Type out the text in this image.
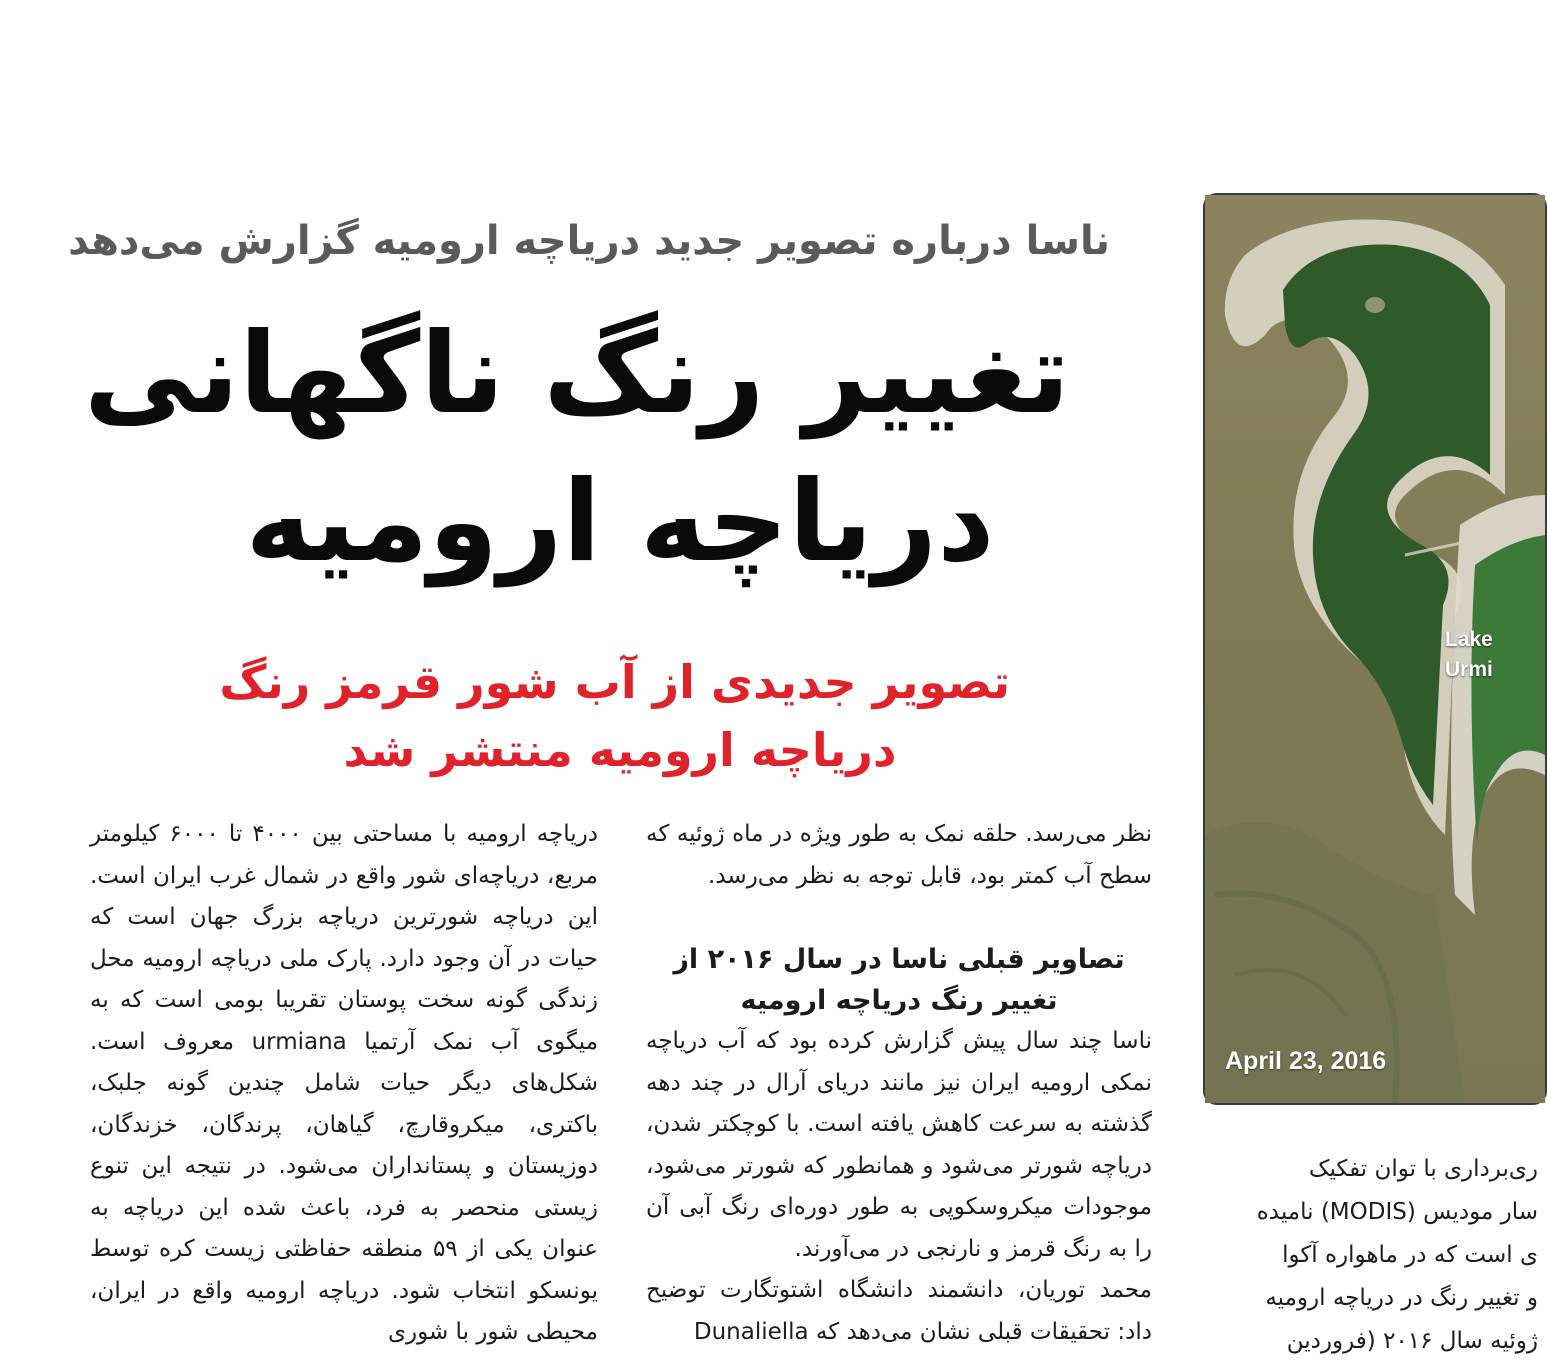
ناسا درباره تصویر جدید دریاچه ارومیه گزارش می‌دهد
تغییر رنگ ناگهانی
دریاچه ارومیه
تصویر جدیدی از آب شور قرمز رنگ
دریاچه ارومیه منتشر شد

دریاچه ارومیه با مساحتی بین ۴۰۰۰ تا ۶۰۰۰ کیلومتر مربع، دریاچه‌ای شور واقع در شمال غرب ایران است. این دریاچه شورترین دریاچه بزرگ جهان است که حیات در آن وجود دارد. پارک ملی دریاچه ارومیه محل زندگی گونه سخت پوستان تقریبا بومی است که به میگوی آب نمک آرتمیا urmiana معروف است. شکل‌های دیگر حیات شامل چندین گونه جلبک، باکتری، میکروقارچ، گیاهان، پرندگان، خزندگان، دوزیستان و پستانداران می‌شود. در نتیجه این تنوع زیستی منحصر به فرد، باعث شده این دریاچه به عنوان یکی از ۵۹ منطقه حفاظتی زیست کره توسط یونسکو انتخاب شود. دریاچه ارومیه واقع در ایران، محیطی شور با شوری

نظر می‌رسد. حلقه نمک به طور ویژه در ماه ژوئیه که سطح آب کمتر بود، قابل توجه به نظر می‌رسد.

تصاویر قبلی ناسا در سال ۲۰۱۶ از تغییر رنگ دریاچه ارومیه

ناسا چند سال پیش گزارش کرده بود که آب دریاچه نمکی ارومیه ایران نیز مانند دریای آرال در چند دهه گذشته به سرعت کاهش یافته است. با کوچکتر شدن، دریاچه شورتر می‌شود و همانطور که شورتر می‌شود، موجودات میکروسکوپی به طور دوره‌ای رنگ آبی آن را به رنگ قرمز و نارنجی در می‌آورند.

محمد توریان، دانشمند دانشگاه اشتوتگارت توضیح داد: تحقیقات قبلی نشان می‌دهد که Dunaliella

ری‌برداری با توان تفکیک
سار مودیس (MODIS) نامیده
ی است که در ماهواره آکوا
و تغییر رنگ در دریاچه ارومیه
ژوئیه سال ۲۰۱۶ (فروردین
Lake
Urmi
April 23, 2016
